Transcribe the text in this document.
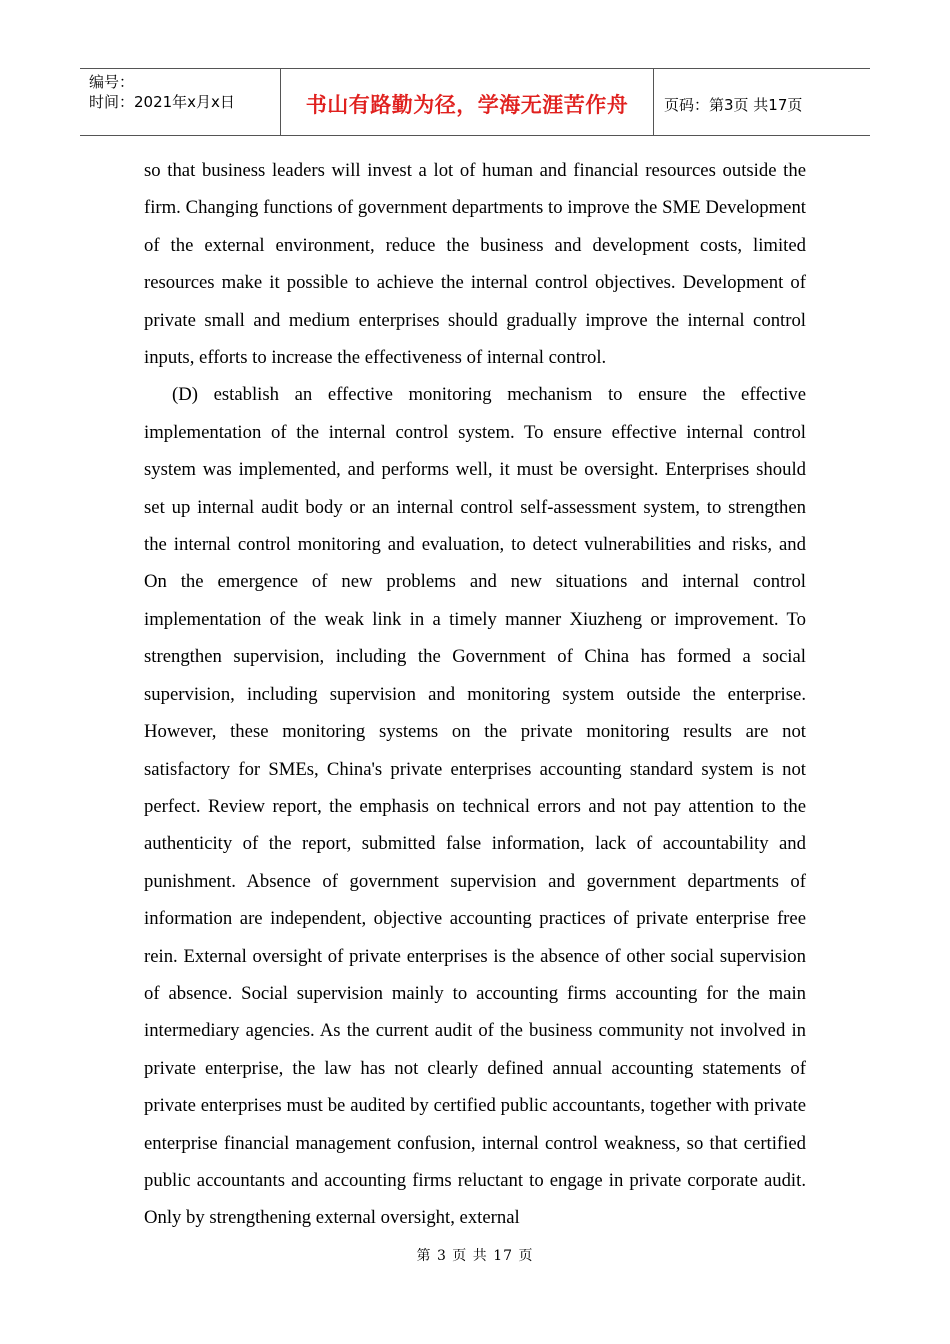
编号：
时间：2021年x月x日	书山有路勤为径，学海无涯苦作舟 页码：第3页 共17页

so that business leaders will invest a lot of human and financial resources outside the firm. Changing functions of government departments to improve the SME Development of the external environment, reduce the business and development costs, limited resources make it possible to achieve the internal control objectives. Development of private small and medium enterprises should gradually improve the internal control inputs, efforts to increase the effectiveness of internal control.

(D) establish an effective monitoring mechanism to ensure the effective implementation of the internal control system. To ensure effective internal control system was implemented, and performs well, it must be oversight. Enterprises should set up internal audit body or an internal control self-assessment system, to strengthen the internal control monitoring and evaluation, to detect vulnerabilities and risks, and On the emergence of new problems and new situations and internal control implementation of the weak link in a timely manner Xiuzheng or improvement. To strengthen supervision, including the Government of China has formed a social supervision, including supervision and monitoring system outside the enterprise. However, these monitoring systems on the private monitoring results are not satisfactory for SMEs, China's private enterprises accounting standard system is not perfect. Review report, the emphasis on technical errors and not pay attention to the authenticity of the report, submitted false information, lack of accountability and punishment. Absence of government supervision and government departments of information are independent, objective accounting practices of private enterprise free rein. External oversight of private enterprises is the absence of other social supervision of absence. Social supervision mainly to accounting firms accounting for the main intermediary agencies. As the current audit of the business community not involved in private enterprise, the law has not clearly defined annual accounting statements of private enterprises must be audited by certified public accountants, together with private enterprise financial management confusion, internal control weakness, so that certified public accountants and accounting firms reluctant to engage in private corporate audit. Only by strengthening external oversight, external

第 3 页 共 17 页
